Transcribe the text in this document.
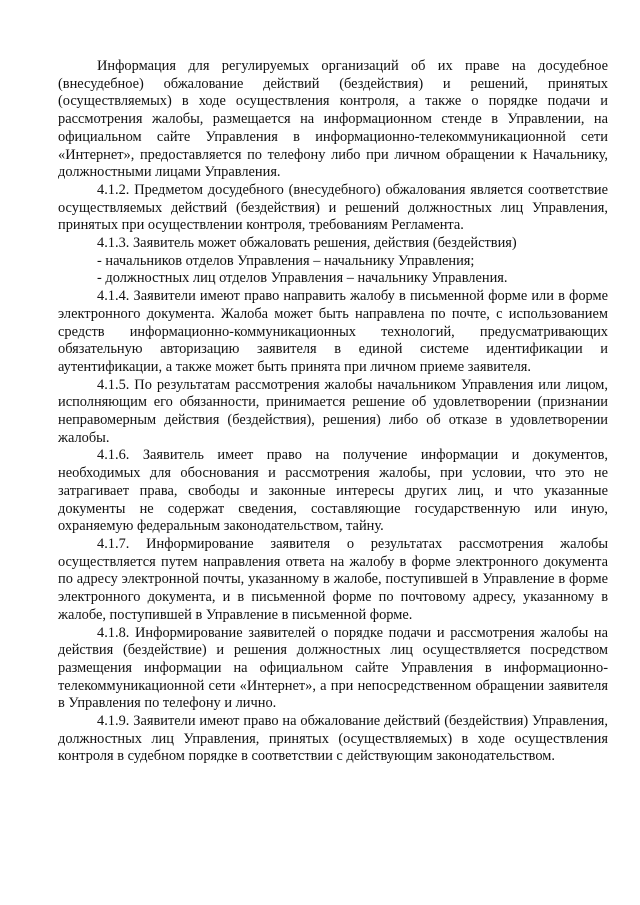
Информация для регулируемых организаций об их праве на досудебное (внесудебное) обжалование действий (бездействия) и решений, принятых (осуществляемых) в ходе осуществления контроля, а также о порядке подачи и рассмотрения жалобы, размещается на информационном стенде в Управлении, на официальном сайте Управления в информационно-телекоммуникационной сети «Интернет», предоставляется по телефону либо при личном обращении к Начальнику, должностными лицами Управления.

4.1.2. Предметом досудебного (внесудебного) обжалования является соответствие осуществляемых действий (бездействия) и решений должностных лиц Управления, принятых при осуществлении контроля, требованиям Регламента.

4.1.3. Заявитель может обжаловать решения, действия (бездействия)

- начальников отделов Управления – начальнику Управления;

- должностных лиц отделов Управления – начальнику Управления.

4.1.4. Заявители имеют право направить жалобу в письменной форме или в форме электронного документа. Жалоба может быть направлена по почте, с использованием средств информационно-коммуникационных технологий, предусматривающих обязательную авторизацию заявителя в единой системе идентификации и аутентификации, а также может быть принята при личном приеме заявителя.

4.1.5. По результатам рассмотрения жалобы начальником Управления или лицом, исполняющим его обязанности, принимается решение об удовлетворении (признании неправомерным действия (бездействия), решения) либо об отказе в удовлетворении жалобы.

4.1.6. Заявитель имеет право на получение информации и документов, необходимых для обоснования и рассмотрения жалобы, при условии, что это не затрагивает права, свободы и законные интересы других лиц, и что указанные документы не содержат сведения, составляющие государственную или иную, охраняемую федеральным законодательством, тайну.

4.1.7. Информирование заявителя о результатах рассмотрения жалобы осуществляется путем направления ответа на жалобу в форме электронного документа по адресу электронной почты, указанному в жалобе, поступившей в Управление в форме электронного документа, и в письменной форме по почтовому адресу, указанному в жалобе, поступившей в Управление в письменной форме.

4.1.8. Информирование заявителей о порядке подачи и рассмотрения жалобы на действия (бездействие) и решения должностных лиц осуществляется посредством размещения информации на официальном сайте Управления в информационно-телекоммуникационной сети «Интернет», а при непосредственном обращении заявителя в Управления по телефону и лично.

4.1.9. Заявители имеют право на обжалование действий (бездействия) Управления, должностных лиц Управления, принятых (осуществляемых) в ходе осуществления контроля в судебном порядке в соответствии с действующим законодательством.
